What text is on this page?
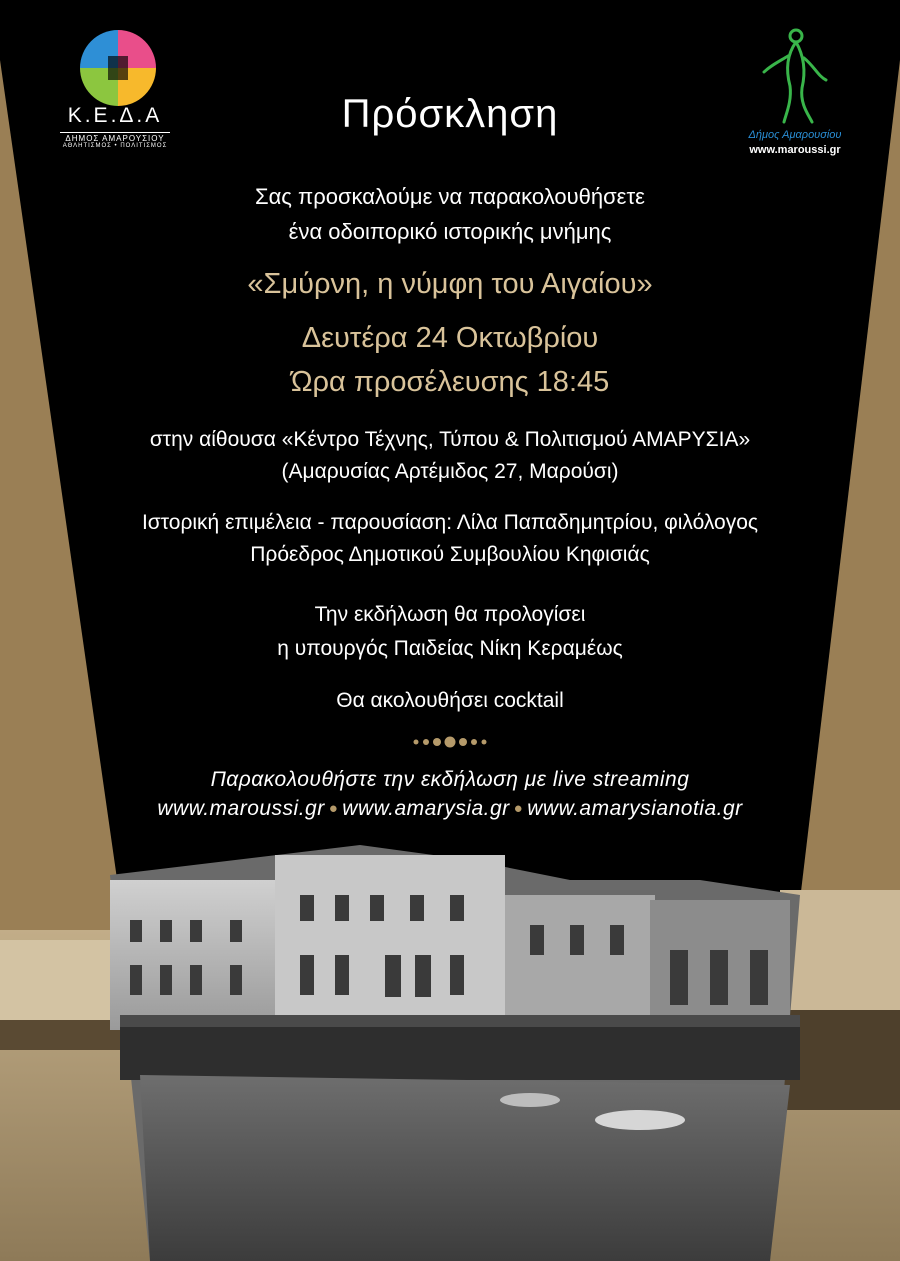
Κ.Ε.Δ.Α
ΔΗΜΟΣ ΑΜΑΡΟΥΣΙΟΥ
ΑΘΛΗΤΙΣΜΟΣ • ΠΟΛΙΤΙΣΜΟΣ
Δήμος Αμαρουσίου
www.maroussi.gr
Πρόσκληση
Σας προσκαλούμε να παρακολουθήσετε
ένα οδοιπορικό ιστορικής μνήμης
«Σμύρνη, η νύμφη του Αιγαίου»
Δευτέρα 24 Οκτωβρίου
Ώρα προσέλευσης 18:45
στην αίθουσα «Κέντρο Τέχνης, Τύπου & Πολιτισμού ΑΜΑΡΥΣΙΑ»
(Αμαρυσίας Αρτέμιδος 27, Μαρούσι)
Ιστορική επιμέλεια - παρουσίαση: Λίλα Παπαδημητρίου, φιλόλογος
Πρόεδρος Δημοτικού Συμβουλίου Κηφισιάς
Την εκδήλωση θα προλογίσει
η υπουργός Παιδείας Νίκη Κεραμέως
Θα ακολουθήσει cocktail
Παρακολουθήστε την εκδήλωση με live streaming
www.maroussi.gr ● www.amarysia.gr ● www.amarysianotia.gr
